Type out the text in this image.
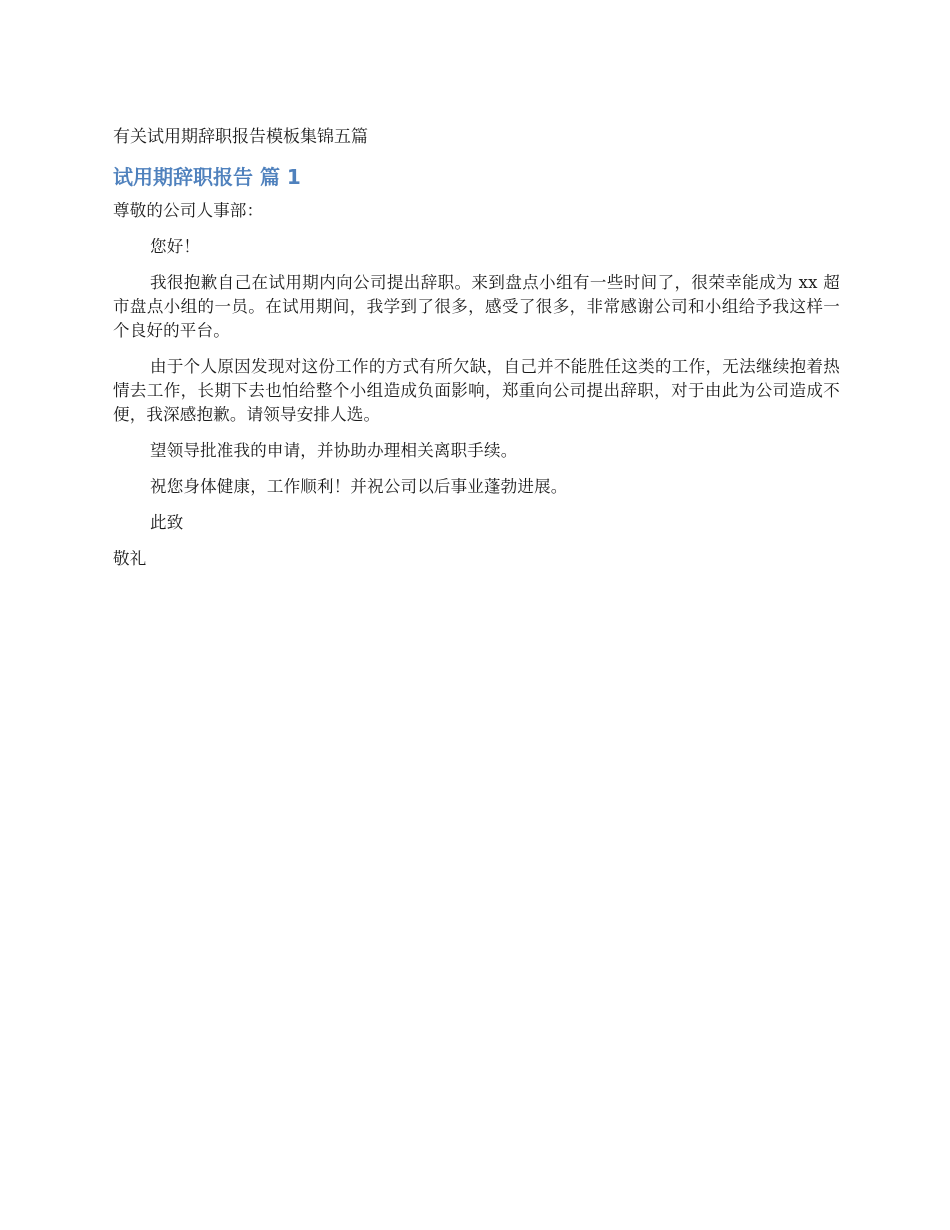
有关试用期辞职报告模板集锦五篇
试用期辞职报告 篇 1

尊敬的公司人事部：

您好！

我很抱歉自己在试用期内向公司提出辞职。来到盘点小组有一些时间了，很荣幸能成为 xx 超市盘点小组的一员。在试用期间，我学到了很多，感受了很多，非常感谢公司和小组给予我这样一个良好的平台。

由于个人原因发现对这份工作的方式有所欠缺，自己并不能胜任这类的工作，无法继续抱着热情去工作，长期下去也怕给整个小组造成负面影响，郑重向公司提出辞职，对于由此为公司造成不便，我深感抱歉。请领导安排人选。

望领导批准我的申请，并协助办理相关离职手续。

祝您身体健康，工作顺利！并祝公司以后事业蓬勃进展。

此致

敬礼
